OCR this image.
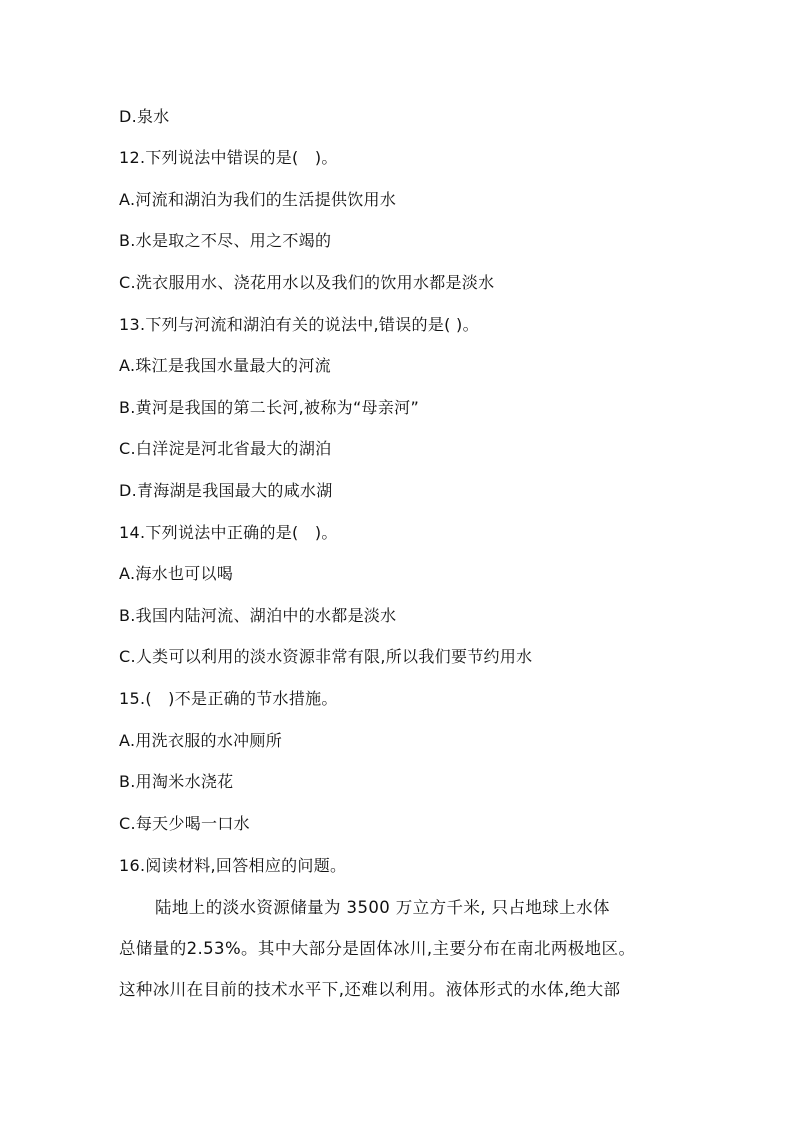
D.泉水
12.下列说法中错误的是(　)。
A.河流和湖泊为我们的生活提供饮用水
B.水是取之不尽、用之不竭的
C.洗衣服用水、浇花用水以及我们的饮用水都是淡水
13.下列与河流和湖泊有关的说法中,错误的是( )。
A.珠江是我国水量最大的河流
B.黄河是我国的第二长河,被称为“母亲河”
C.白洋淀是河北省最大的湖泊
D.青海湖是我国最大的咸水湖
14.下列说法中正确的是(　)。
A.海水也可以喝
B.我国内陆河流、湖泊中的水都是淡水
C.人类可以利用的淡水资源非常有限,所以我们要节约用水
15.(　)不是正确的节水措施。
A.用洗衣服的水冲厕所
B.用淘米水浇花
C.每天少喝一口水
16.阅读材料,回答相应的问题。
陆地上的淡水资源储量为 3500 万立方千米, 只占地球上水体
总储量的2.53%。其中大部分是固体冰川,主要分布在南北两极地区。
这种冰川在目前的技术水平下,还难以利用。液体形式的水体,绝大部
